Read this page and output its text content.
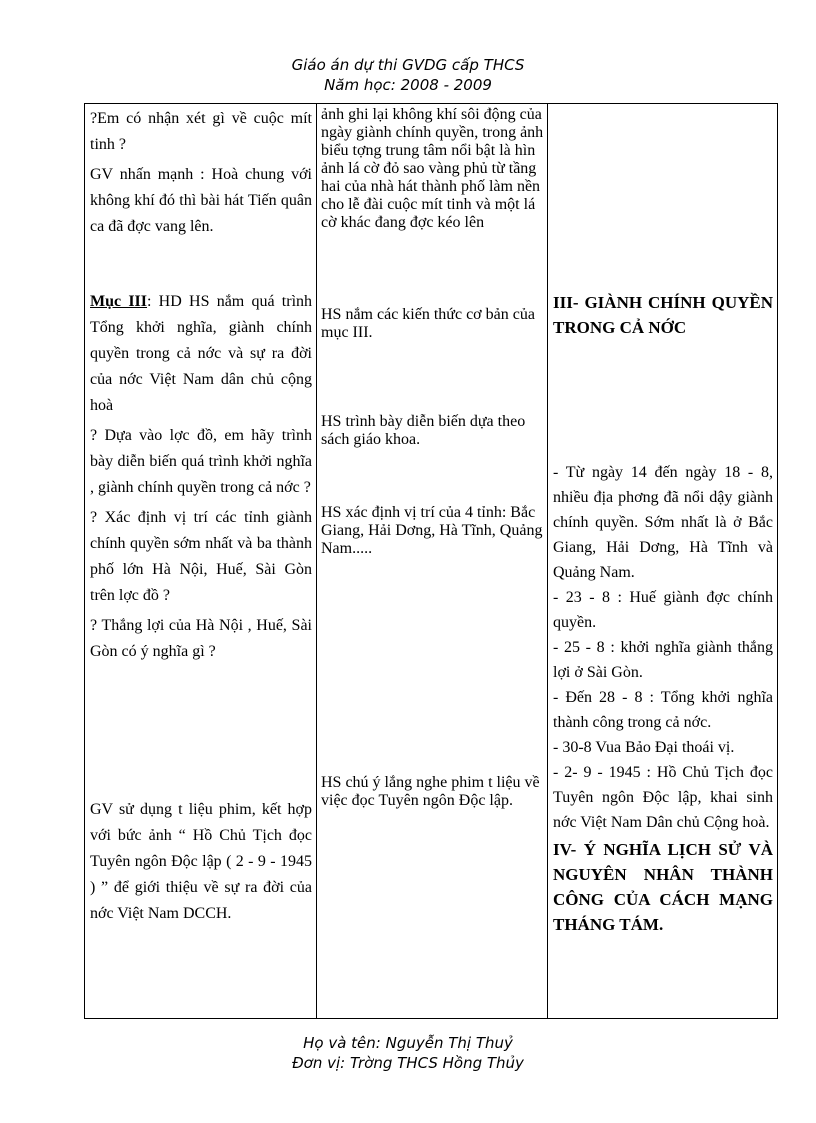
Giáo án dự thi GVDG cấp THCS
Năm học: 2008 - 2009

?Em có nhận xét gì về cuộc mít tinh ?

GV nhấn mạnh : Hoà chung với không khí đó thì bài hát Tiến quân ca đã đợc vang lên.

Mục III: HD HS nắm quá trình Tổng khởi nghĩa, giành chính quyền trong cả nớc và sự ra đời của nớc Việt Nam dân chủ cộng hoà

? Dựa vào lợc đồ, em hãy trình bày diễn biến quá trình khởi nghĩa , giành chính quyền trong cả nớc ?

? Xác định vị trí các tỉnh giành chính quyền sớm nhất và ba thành phố lớn Hà Nội, Huế, Sài Gòn trên lợc đồ ?

? Thắng lợi của Hà Nội , Huế, Sài Gòn có ý nghĩa gì ?

GV sử dụng t liệu phim, kết hợp với bức ảnh “ Hồ Chủ Tịch đọc Tuyên ngôn Độc lập ( 2 - 9 - 1945 ) ” để giới thiệu về sự ra đời của nớc Việt Nam DCCH.

ảnh ghi lại không khí sôi động của ngày giành chính quyền, trong ảnh biểu tợng trung tâm nổi bật là hìn ảnh lá cờ đỏ sao vàng phủ từ tầng hai của nhà hát thành phố làm nền cho lễ đài cuộc mít tinh và một lá cờ khác đang đợc kéo lên

HS nắm các kiến thức cơ bản của mục III.

HS trình bày diễn biến dựa theo sách giáo khoa.

HS xác định vị trí của 4 tỉnh: Bắc Giang, Hải Dơng, Hà Tĩnh, Quảng Nam.....

HS chú ý lắng nghe phim t liệu về việc đọc Tuyên ngôn Độc lập.

III- GIÀNH CHÍNH QUYỀN TRONG CẢ NỚC

- Từ ngày 14 đến ngày 18 - 8, nhiều địa phơng đã nổi dậy giành chính quyền. Sớm nhất là ở Bắc Giang, Hải Dơng, Hà Tĩnh và Quảng Nam.

- 23 - 8 : Huế giành đợc chính quyền.

- 25 - 8 : khởi nghĩa giành thắng lợi ở Sài Gòn.

- Đến 28 - 8 : Tổng khởi nghĩa thành công trong cả nớc.

- 30-8 Vua Bảo Đại thoái vị.

- 2- 9 - 1945 : Hồ Chủ Tịch đọc Tuyên ngôn Độc lập, khai sinh nớc Việt Nam Dân chủ Cộng hoà.

IV- Ý NGHĨA LỊCH SỬ VÀ NGUYÊN NHÂN THÀNH CÔNG CỦA CÁCH MẠNG THÁNG TÁM.

Họ và tên: Nguyễn Thị Thuỷ
Đơn vị: Trờng THCS Hồng Thủy
